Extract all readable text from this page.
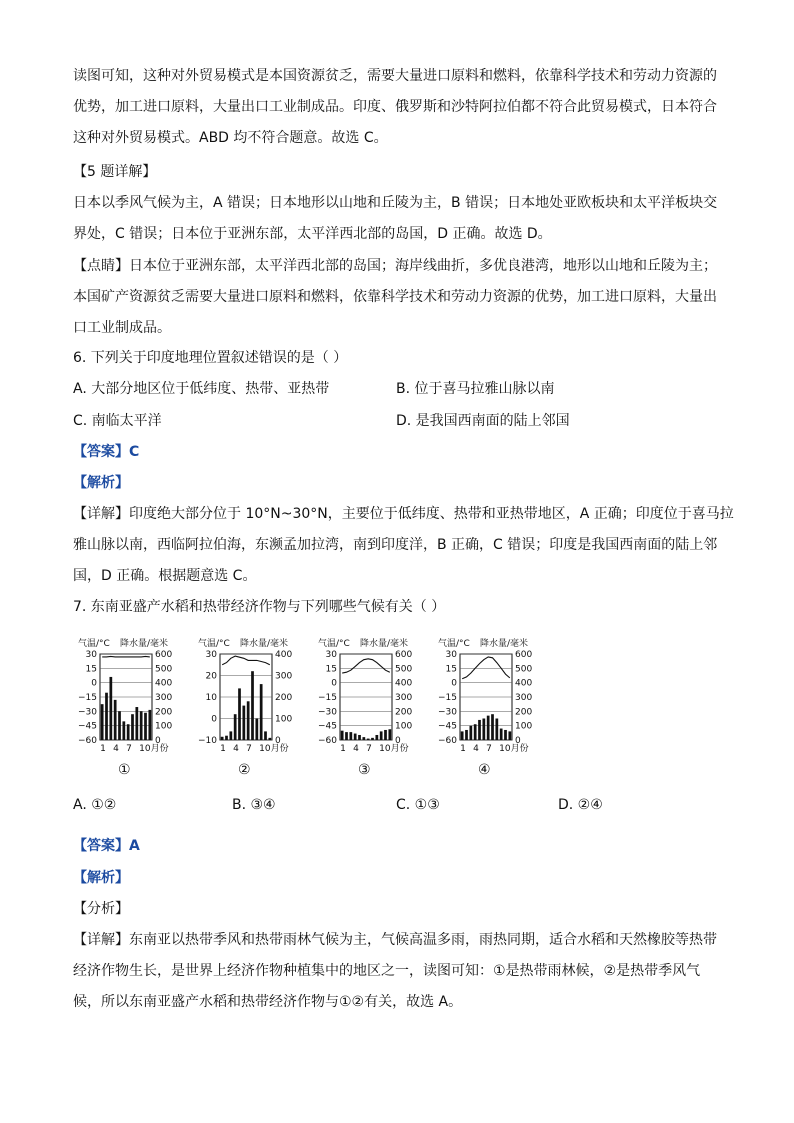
读图可知，这种对外贸易模式是本国资源贫乏，需要大量进口原料和燃料，依靠科学技术和劳动力资源的
优势，加工进口原料，大量出口工业制成品。印度、俄罗斯和沙特阿拉伯都不符合此贸易模式，日本符合
这种对外贸易模式。ABD 均不符合题意。故选 C。
【5 题详解】
日本以季风气候为主，A 错误；日本地形以山地和丘陵为主，B 错误；日本地处亚欧板块和太平洋板块交
界处，C 错误；日本位于亚洲东部，太平洋西北部的岛国，D 正确。故选 D。
【点睛】日本位于亚洲东部，太平洋西北部的岛国；海岸线曲折，多优良港湾，地形以山地和丘陵为主；
本国矿产资源贫乏需要大量进口原料和燃料，依靠科学技术和劳动力资源的优势，加工进口原料，大量出
口工业制成品。
6. 下列关于印度地理位置叙述错误的是（ ）
A. 大部分地区位于低纬度、热带、亚热带	B. 位于喜马拉雅山脉以南
C. 南临太平洋	D. 是我国西南面的陆上邻国
【答案】C
【解析】
【详解】印度绝大部分位于 10°N~30°N，主要位于低纬度、热带和亚热带地区，A 正确；印度位于喜马拉
雅山脉以南，西临阿拉伯海，东濒孟加拉湾，南到印度洋，B 正确，C 错误；印度是我国西南面的陆上邻
国，D 正确。根据题意选 C。
7. 东南亚盛产水稻和热带经济作物与下列哪些气候有关（ ）
气温/°C 降水量/毫米
30
15
0
−15
−30
−45
−60
600
500
400
300
200
100
0
1 4 7 10月份
①
气温/°C 降水量/毫米
30
20
10
0
−10
400
300
200
100
0
1 4 7 10月份
②
气温/°C 降水量/毫米
30
15
0
−15
−30
−45
−60
600
500
400
300
200
100
0
1 4 7 10月份
③
气温/°C 降水量/毫米
30
15
0
−15
−30
−45
−60
600
500
400
300
200
100
0
1 4 7 10月份
④
A. ①②	B. ③④	C. ①③	D. ②④
【答案】A
【解析】
【分析】
【详解】东南亚以热带季风和热带雨林气候为主，气候高温多雨，雨热同期，适合水稻和天然橡胶等热带
经济作物生长，是世界上经济作物种植集中的地区之一，读图可知：①是热带雨林候，②是热带季风气
候，所以东南亚盛产水稻和热带经济作物与①②有关，故选 A。
